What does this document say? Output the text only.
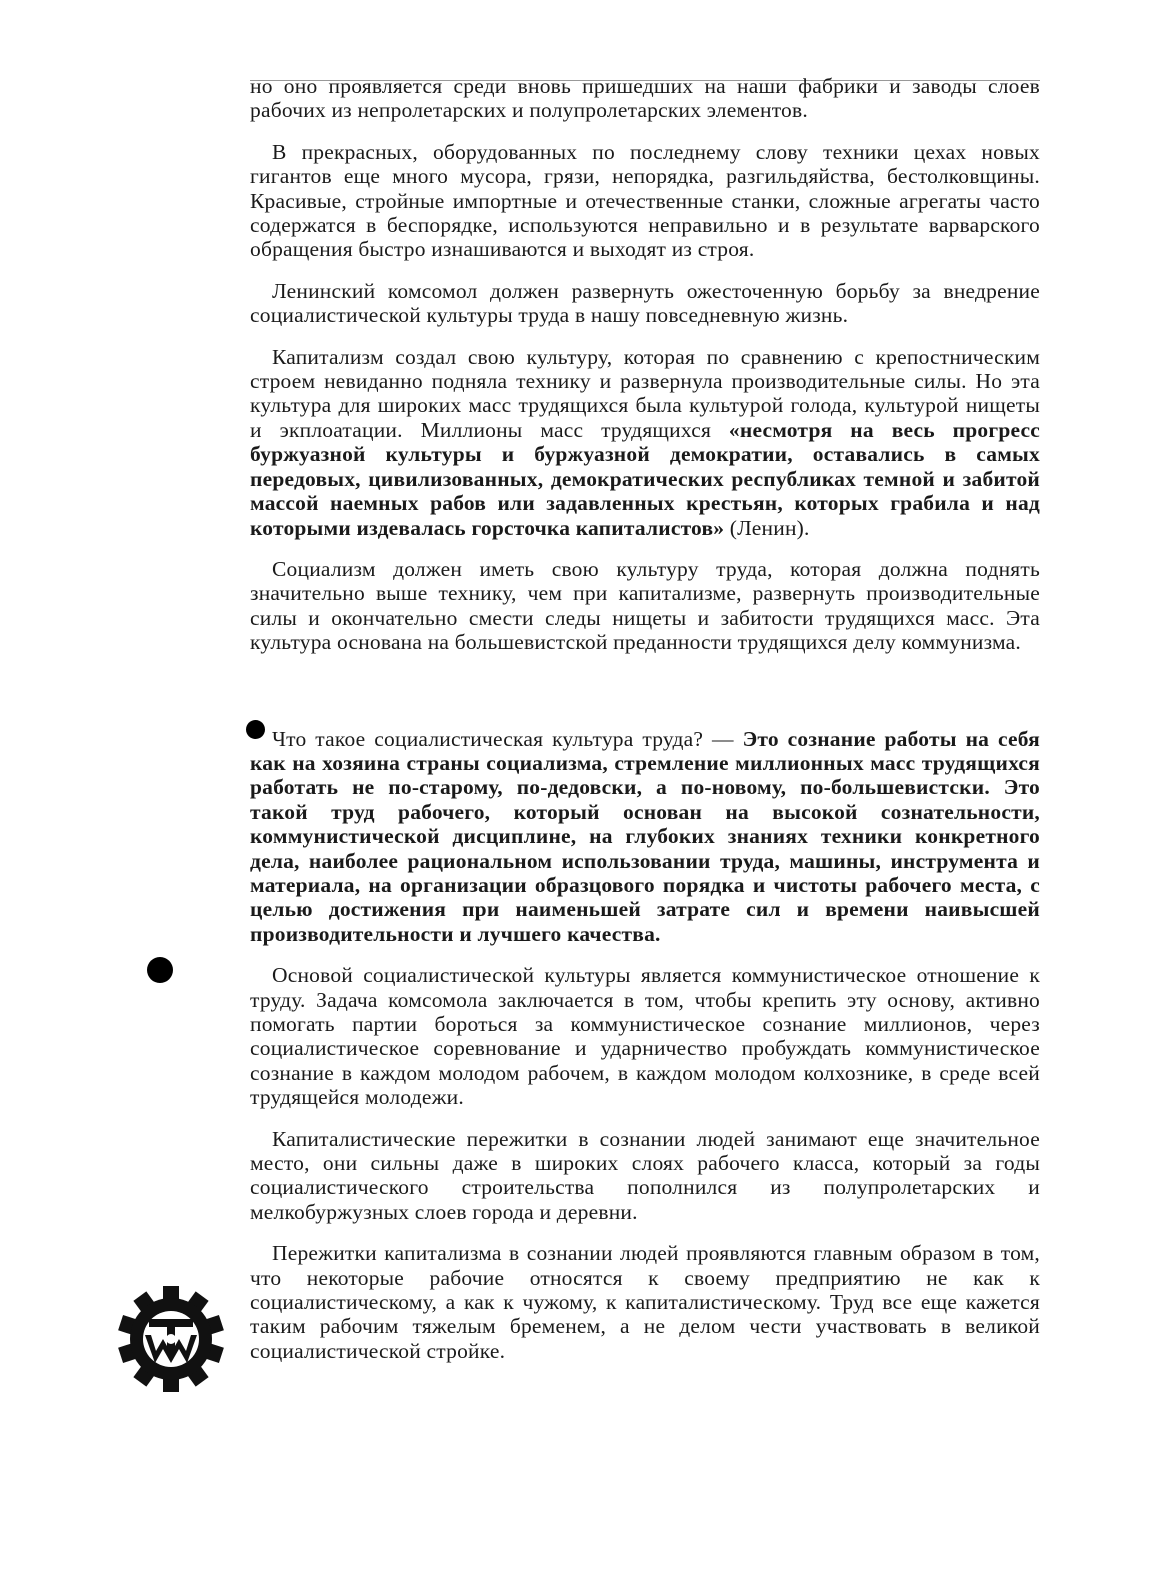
но оно проявляется среди вновь пришедших на наши фабрики и заводы слоев рабочих из непролетарских и полупролетарских элементов.

В прекрасных, оборудованных по последнему слову техники цехах новых гигантов еще много мусора, грязи, непорядка, разгильдяйства, бестолковщины. Красивые, стройные импортные и отечественные станки, сложные агрегаты часто содержатся в беспорядке, используются неправильно и в результате варварского обращения быстро изнашиваются и выходят из строя.

Ленинский комсомол должен развернуть ожесточенную борьбу за внедрение социалистической культуры труда в нашу повседневную жизнь.

Капитализм создал свою культуру, которая по сравнению с крепостническим строем невиданно подняла технику и развернула производительные силы. Но эта культура для широких масс трудящихся была культурой голода, культурой нищеты и экплоатации. Миллионы масс трудящихся «несмотря на весь прогресс буржуазной культуры и буржуазной демократии, оставались в самых передовых, цивилизованных, демократических республиках темной и забитой массой наемных рабов или задавленных крестьян, которых грабила и над которыми издевалась горсточка капиталистов» (Ленин).

Социализм должен иметь свою культуру труда, которая должна поднять значительно выше технику, чем при капитализме, развернуть производительные силы и окончательно смести следы нищеты и забитости трудящихся масс. Эта культура основана на большевистской преданности трудящихся делу коммунизма.

Что такое социалистическая культура труда? — Это сознание работы на себя как на хозяина страны социализма, стремление миллионных масс трудящихся работать не по-старому, по-дедовски, а по-новому, по-большевистски. Это такой труд рабочего, который основан на высокой сознательности, коммунистической дисциплине, на глубоких знаниях техники конкретного дела, наиболее рациональном использовании труда, машины, инструмента и материала, на организации образцового порядка и чистоты рабочего места, с целью достижения при наименьшей затрате сил и времени наивысшей производительности и лучшего качества.

Основой социалистической культуры является коммунистическое отношение к труду. Задача комсомола заключается в том, чтобы крепить эту основу, активно помогать партии бороться за коммунистическое сознание миллионов, через социалистическое соревнование и ударничество пробуждать коммунистическое сознание в каждом молодом рабочем, в каждом молодом колхознике, в среде всей трудящейся молодежи.

Капиталистические пережитки в сознании людей занимают еще значительное место, они сильны даже в широких слоях рабочего класса, который за годы социалистического строительства пополнился из полупролетарских и мелкобуржузных слоев города и деревни.

Пережитки капитализма в сознании людей проявляются главным образом в том, что некоторые рабочие относятся к своему предприятию не как к социалистическому, а как к чужому, к капиталистическому. Труд все еще кажется таким рабочим тяжелым бременем, а не делом чести участвовать в великой социалистической стройке.
